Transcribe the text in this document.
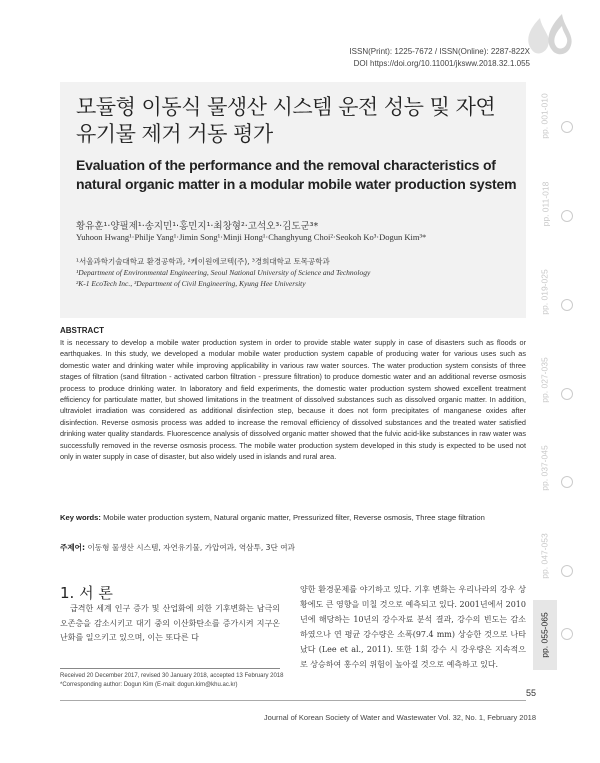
ISSN(Print): 1225-7672 / ISSN(Online): 2287-822X
DOI https://doi.org/10.11001/jksww.2018.32.1.055
모듈형 이동식 물생산 시스템 운전 성능 및 자연
유기물 제거 거동 평가
Evaluation of the performance and the removal characteristics of
natural organic matter in a modular mobile water production system
황유훈¹·양필제¹·송지민¹·홍민지¹·최창형²·고석오³·김도군³*
Yuhoon Hwang¹·Philje Yang¹·Jimin Song¹·Minji Hong¹·Changhyung Choi²·Seokoh Ko³·Dogun Kim³*
¹서울과학기술대학교 환경공학과, ²케이원에코텍(주), ³경희대학교 토목공학과
¹Department of Environmental Engineering, Seoul National University of Science and Technology
²K-1 EcoTech Inc., ³Department of Civil Engineering, Kyung Hee University
ABSTRACT
It is necessary to develop a mobile water production system in order to provide stable water supply in case of disasters such as floods or earthquakes. In this study, we developed a modular mobile water production system capable of producing water for various uses such as domestic water and drinking water while improving applicability in various raw water sources. The water production system consists of three stages of filtration (sand filtration - activated carbon filtration - pressure filtration) to produce domestic water and an additional reverse osmosis process to produce drinking water. In laboratory and field experiments, the domestic water production system showed excellent treatment efficiency for particulate matter, but showed limitations in the treatment of dissolved substances such as dissolved organic matter. In addition, ultraviolet irradiation was considered as additional disinfection step, because it does not form precipitates of manganese oxides after disinfection. Reverse osmosis process was added to increase the removal efficiency of dissolved substances and the treated water satisfied drinking water quality standards. Fluorescence analysis of dissolved organic matter showed that the fulvic acid-like substances in raw water was successfully removed in the reverse osmosis process. The mobile water production system developed in this study is expected to be used not only in water supply in case of disaster, but also widely used in islands and rural area.
Key words: Mobile water production system, Natural organic matter, Pressurized filter, Reverse osmosis, Three stage filtration
주제어: 이동형 물생산 시스템, 자연유기물, 가압여과, 역삼투, 3단 여과
1. 서 론
급격한 세계 인구 증가 및 산업화에 의한 기후변화는 남극의 오존층을 감소시키고 대기 중의 이산화탄소를 증가시켜 지구온난화를 일으키고 있으며, 이는 또다른 다
양한 환경문제를 야기하고 있다. 기후 변화는 우리나라의 강우 상황에도 큰 영향을 미칠 것으로 예측되고 있다. 2001년에서 2010년에 해당하는 10년의 강수자료 분석 결과, 강수의 빈도는 감소하였으나 연 평균 강수량은 소폭(97.4 mm) 상승한 것으로 나타났다 (Lee et al., 2011). 또한 1회 강수 시 강우량은 지속적으로 상승하여 홍수의 위험이 높아질 것으로 예측하고 있다.
Received 20 December 2017, revised 30 January 2018, accepted 13 February 2018
*Corresponding author: Dogun Kim (E-mail: dogun.kim@khu.ac.kr)
55
Journal of Korean Society of Water and Wastewater Vol. 32, No. 1, February 2018
pp. 001-010
pp. 011-018
pp. 019-025
pp. 027-035
pp. 037-045
pp. 047-053
pp. 055-065
